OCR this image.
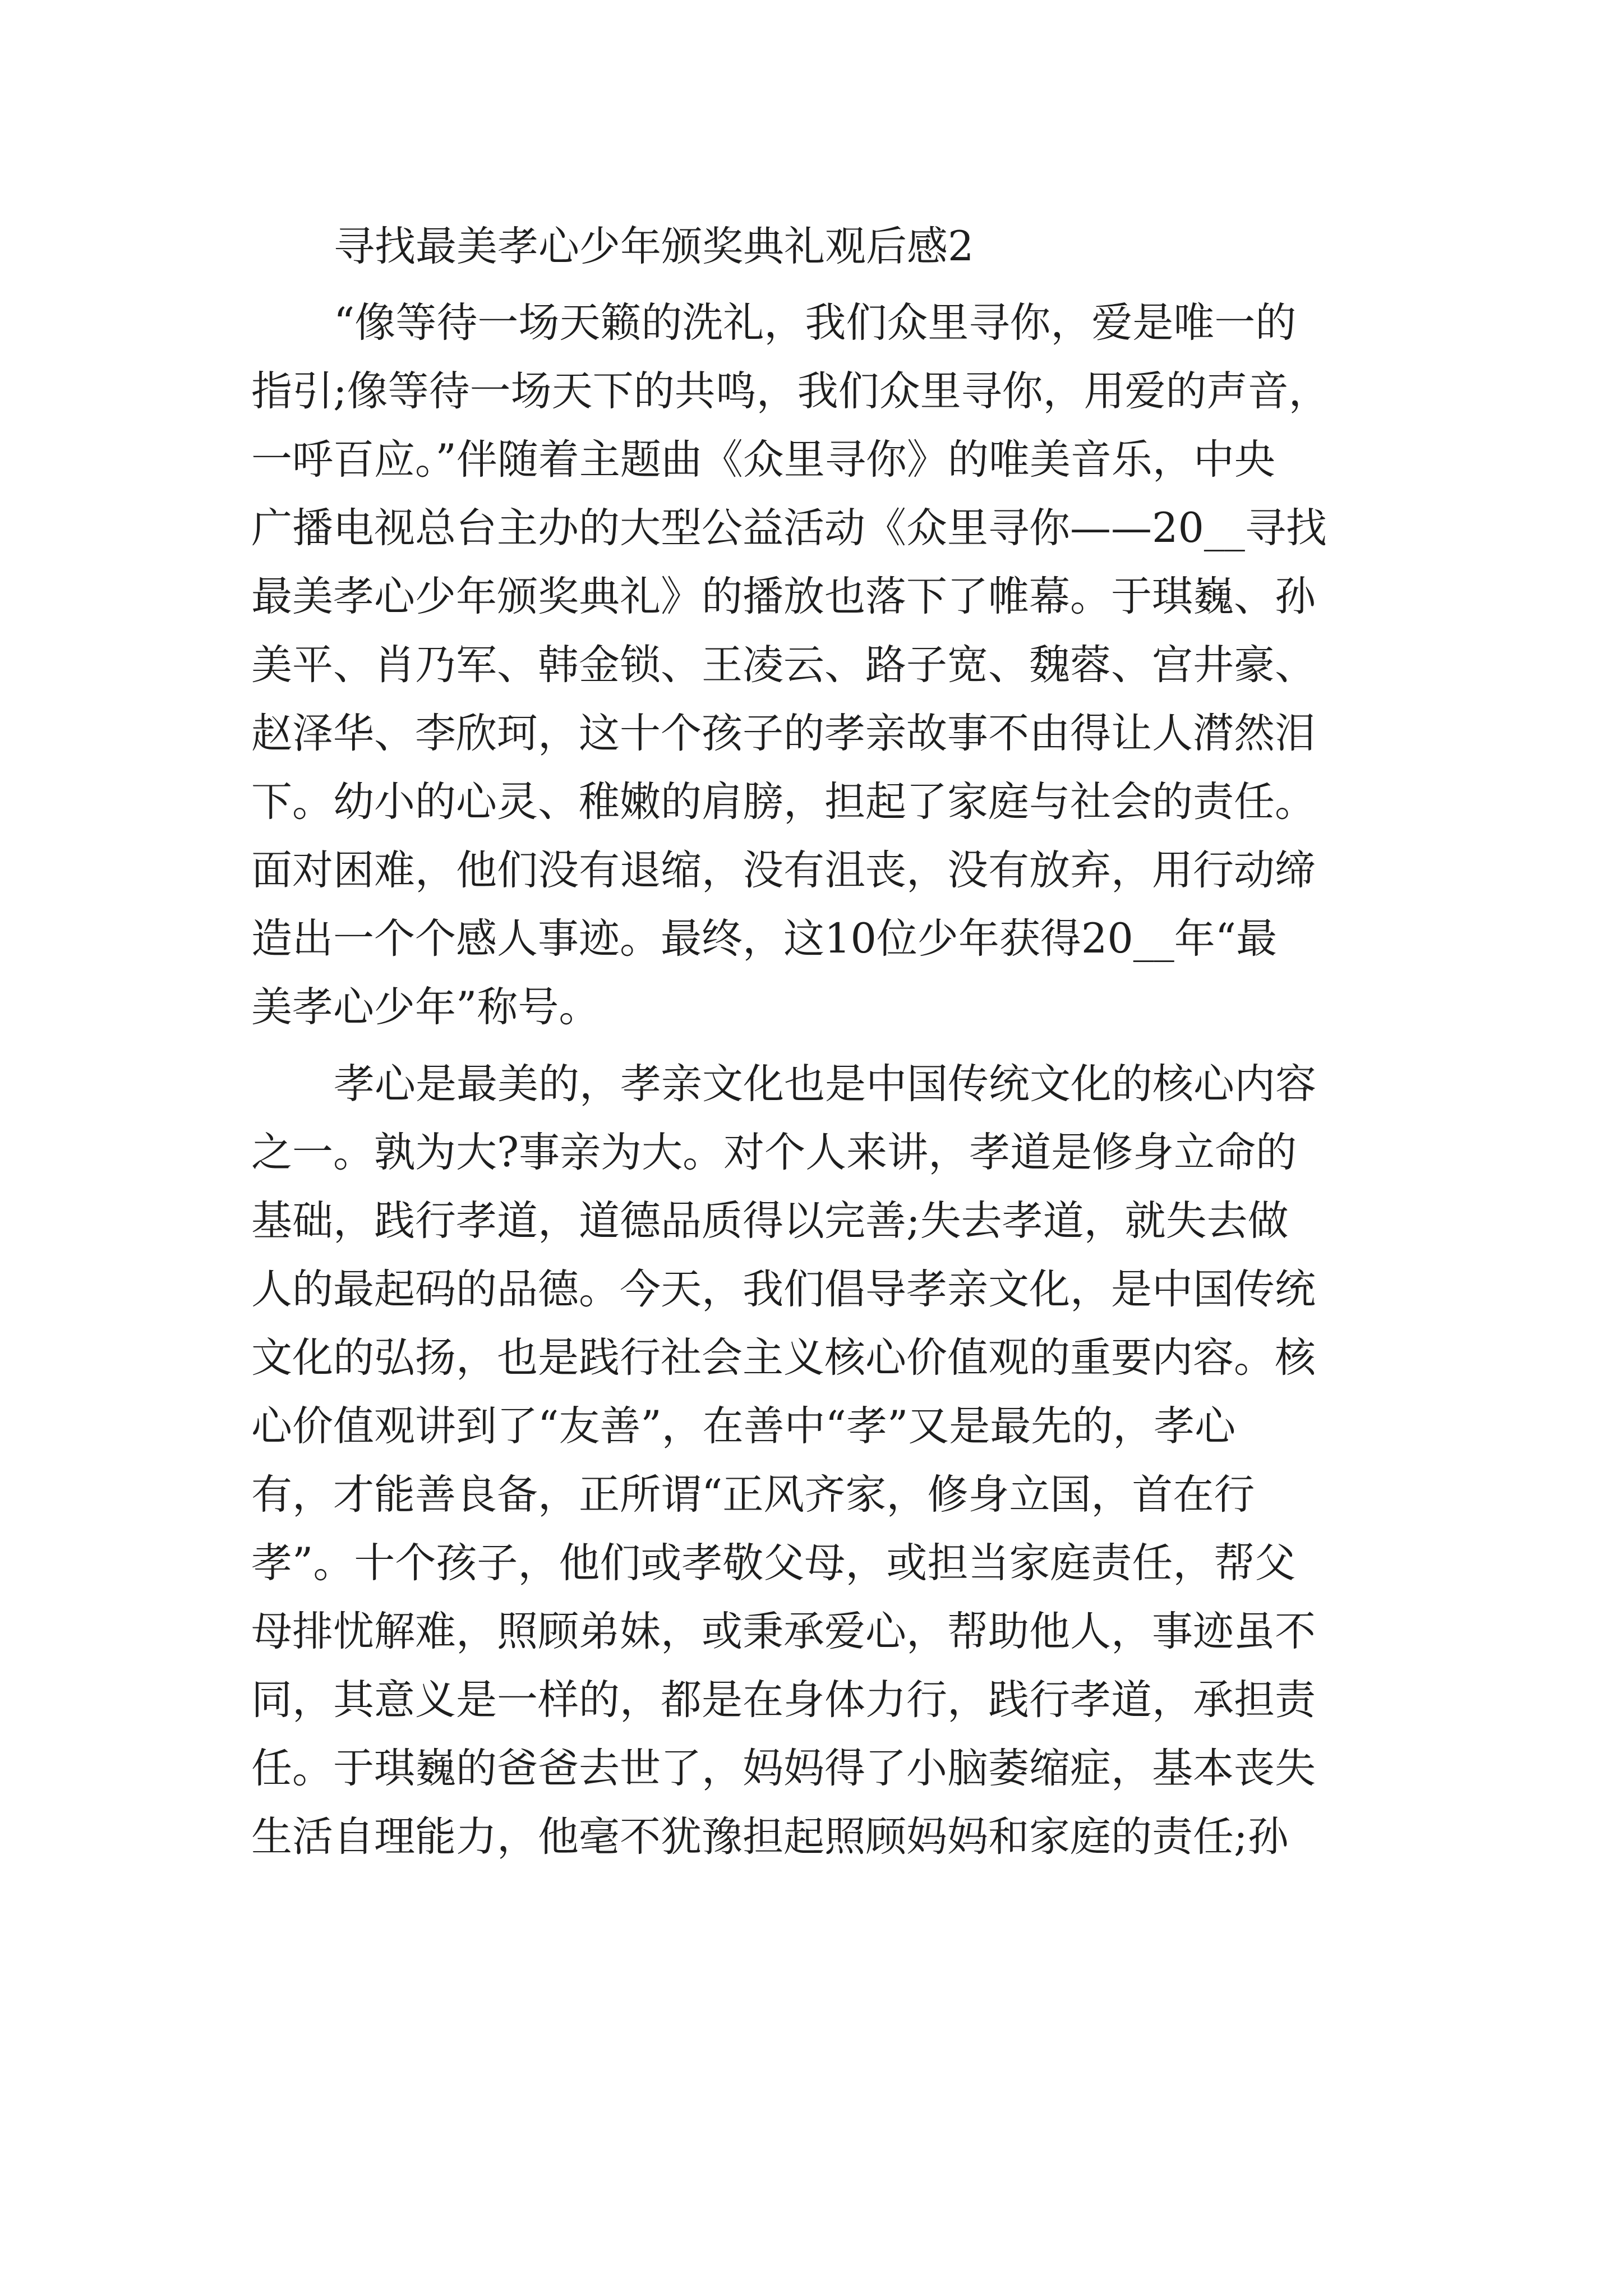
寻找最美孝心少年颁奖典礼观后感2
“像等待一场天籁的洗礼，我们众里寻你，爱是唯一的
指引;像等待一场天下的共鸣，我们众里寻你，用爱的声音，
一呼百应。”伴随着主题曲《众里寻你》的唯美音乐，中央
广播电视总台主办的大型公益活动《众里寻你——20__寻找
最美孝心少年颁奖典礼》的播放也落下了帷幕。于琪巍、孙
美平、肖乃军、韩金锁、王凌云、路子宽、魏蓉、宫井豪、
赵泽华、李欣珂，这十个孩子的孝亲故事不由得让人潸然泪
下。幼小的心灵、稚嫩的肩膀，担起了家庭与社会的责任。
面对困难，他们没有退缩，没有沮丧，没有放弃，用行动缔
造出一个个感人事迹。最终，这10位少年获得20__年“最
美孝心少年”称号。
孝心是最美的，孝亲文化也是中国传统文化的核心内容
之一。孰为大?事亲为大。对个人来讲，孝道是修身立命的
基础，践行孝道，道德品质得以完善;失去孝道，就失去做
人的最起码的品德。今天，我们倡导孝亲文化，是中国传统
文化的弘扬，也是践行社会主义核心价值观的重要内容。核
心价值观讲到了“友善”，在善中“孝”又是最先的，孝心
有，才能善良备，正所谓“正风齐家，修身立国，首在行
孝”。十个孩子，他们或孝敬父母，或担当家庭责任，帮父
母排忧解难，照顾弟妹，或秉承爱心，帮助他人，事迹虽不
同，其意义是一样的，都是在身体力行，践行孝道，承担责
任。于琪巍的爸爸去世了，妈妈得了小脑萎缩症，基本丧失
生活自理能力，他毫不犹豫担起照顾妈妈和家庭的责任;孙
